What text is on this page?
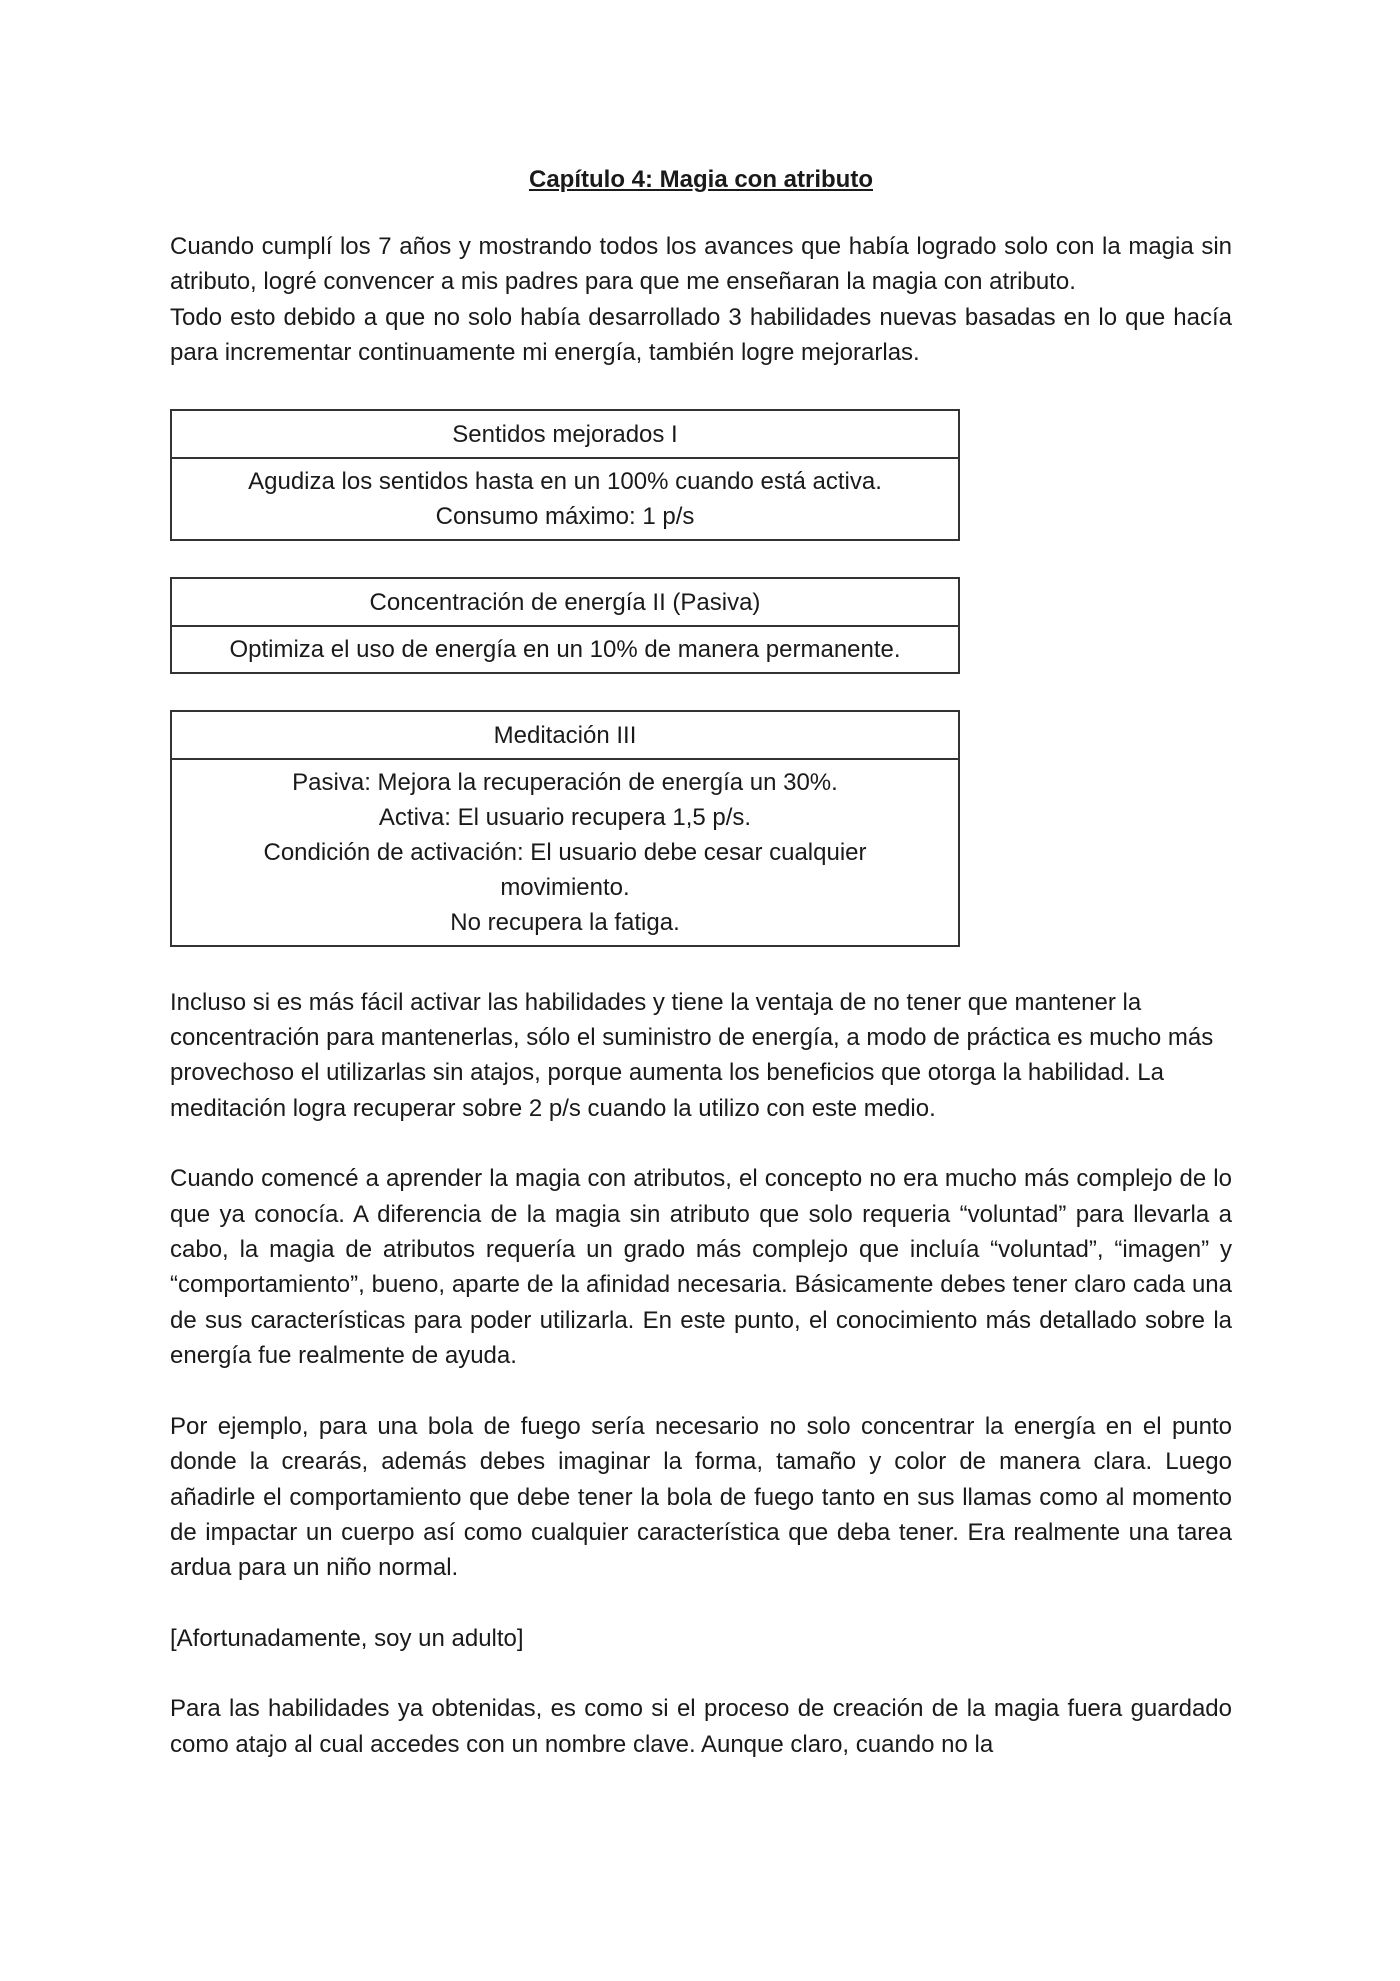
Capítulo 4: Magia con atributo

Cuando cumplí los 7 años y mostrando todos los avances que había logrado solo con la magia sin atributo, logré convencer a mis padres para que me enseñaran la magia con atributo.

Todo esto debido a que no solo había desarrollado 3 habilidades nuevas basadas en lo que hacía para incrementar continuamente mi energía, también logre mejorarlas.

Sentidos mejorados I
Agudiza los sentidos hasta en un 100% cuando está activa.
Consumo máximo: 1 p/s
Concentración de energía II (Pasiva)
Optimiza el uso de energía en un 10% de manera permanente.
Meditación III
Pasiva: Mejora la recuperación de energía un 30%.
Activa: El usuario recupera 1,5 p/s.
Condición de activación: El usuario debe cesar cualquier
movimiento.
No recupera la fatiga.

Incluso si es más fácil activar las habilidades y tiene la ventaja de no tener que mantener la concentración para mantenerlas, sólo el suministro de energía, a modo de práctica es mucho más provechoso el utilizarlas sin atajos, porque aumenta los beneficios que otorga la habilidad. La meditación logra recuperar sobre 2 p/s cuando la utilizo con este medio.

Cuando comencé a aprender la magia con atributos, el concepto no era mucho más complejo de lo que ya conocía. A diferencia de la magia sin atributo que solo requeria “voluntad” para llevarla a cabo, la magia de atributos requería un grado más complejo que incluía “voluntad”, “imagen” y “comportamiento”, bueno, aparte de la afinidad necesaria. Básicamente debes tener claro cada una de sus características para poder utilizarla. En este punto, el conocimiento más detallado sobre la energía fue realmente de ayuda.

Por ejemplo, para una bola de fuego sería necesario no solo concentrar la energía en el punto donde la crearás, además debes imaginar la forma, tamaño y color de manera clara. Luego añadirle el comportamiento que debe tener la bola de fuego tanto en sus llamas como al momento de impactar un cuerpo así como cualquier característica que deba tener. Era realmente una tarea ardua para un niño normal.

[Afortunadamente, soy un adulto]

Para las habilidades ya obtenidas, es como si el proceso de creación de la magia fuera guardado como atajo al cual accedes con un nombre clave. Aunque claro, cuando no la
